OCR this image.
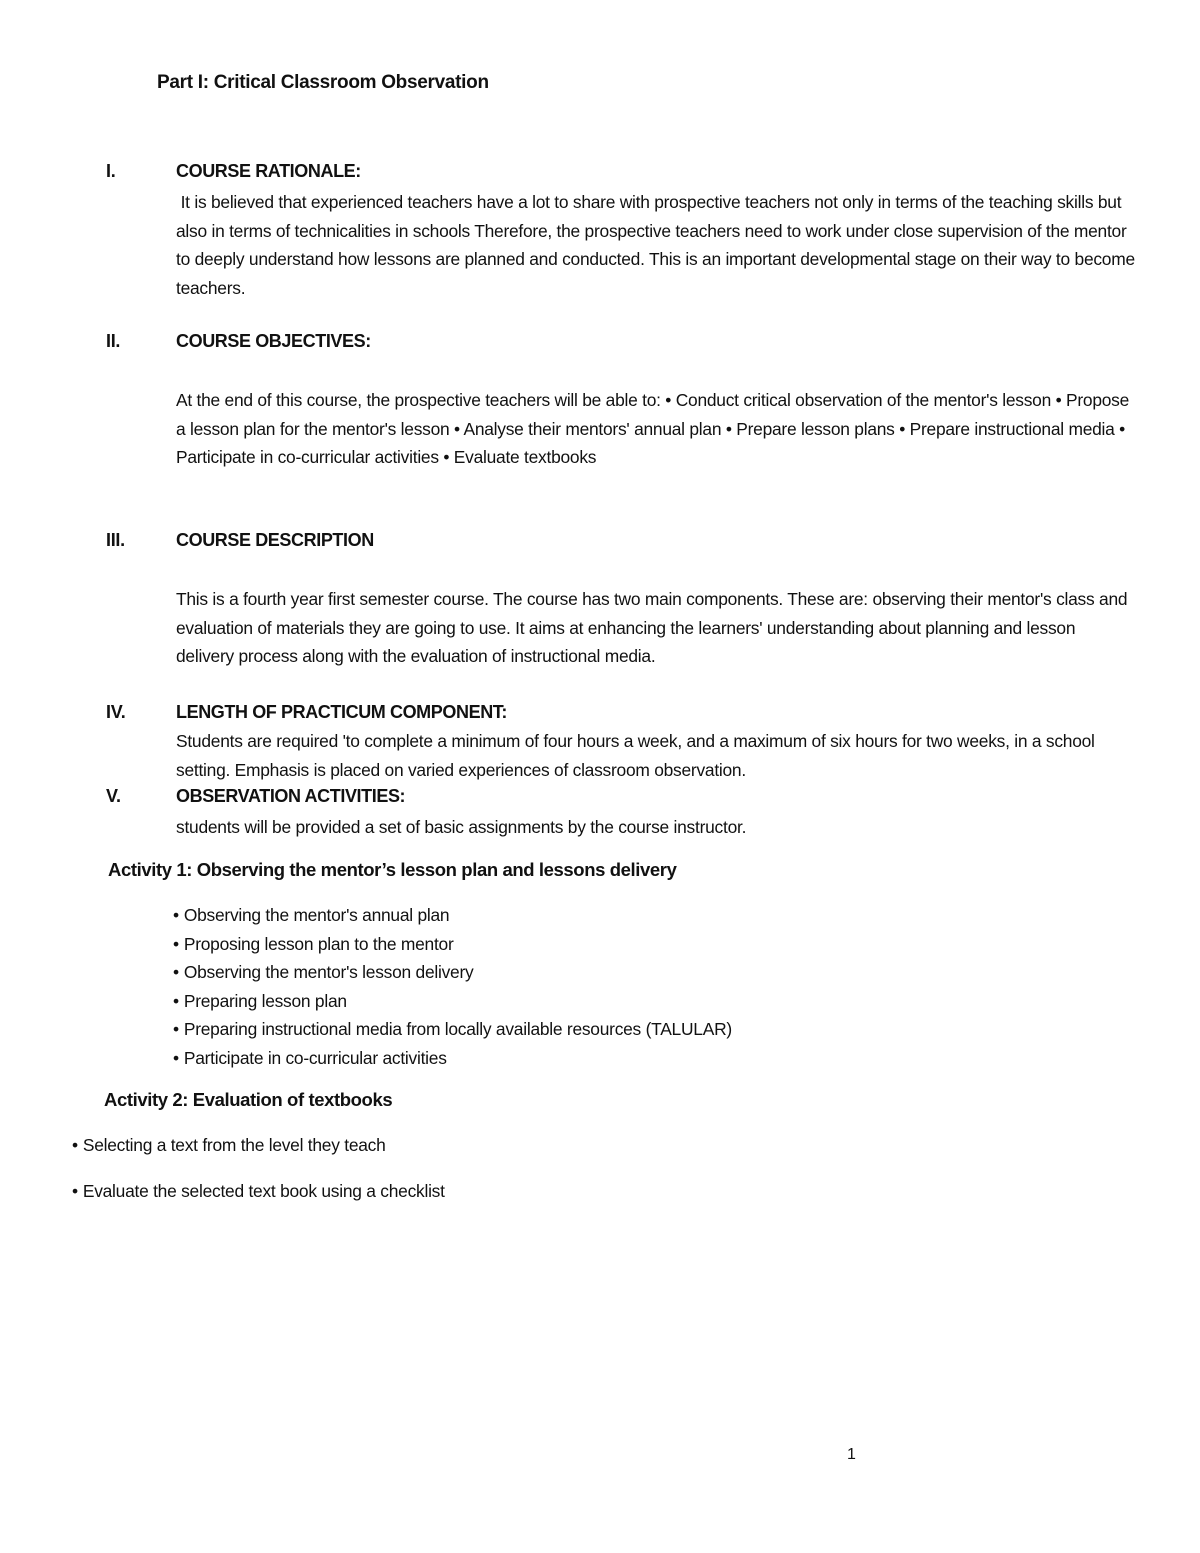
Part I: Critical Classroom Observation
I.	COURSE RATIONALE:
It is believed that experienced teachers have a lot to share with prospective teachers not only in terms of the teaching skills but also in terms of technicalities in schools Therefore, the prospective teachers need to work under close supervision of the mentor to deeply understand how lessons are planned and conducted. This is an important developmental stage on their way to become teachers.
II.	COURSE OBJECTIVES:
At the end of this course, the prospective teachers will be able to: • Conduct critical observation of the mentor's lesson • Propose a lesson plan for the mentor's lesson • Analyse their mentors' annual plan • Prepare lesson plans • Prepare instructional media • Participate in co-curricular activities • Evaluate textbooks
III.	COURSE DESCRIPTION
This is a fourth year first semester course. The course has two main components. These are: observing their mentor's class and evaluation of materials they are going to use. It aims at enhancing the learners' understanding about planning and lesson delivery process along with the evaluation of instructional media.
IV.	LENGTH OF PRACTICUM COMPONENT:
Students are required 'to complete a minimum of four hours a week, and a maximum of six hours for two weeks, in a school setting. Emphasis is placed on varied experiences of classroom observation.
V.	OBSERVATION ACTIVITIES:
students will be provided a set of basic assignments by the course instructor.
Activity 1: Observing the mentor’s lesson plan and lessons delivery
• Observing the mentor's annual plan
• Proposing lesson plan to the mentor
• Observing the mentor's lesson delivery
• Preparing lesson plan
• Preparing instructional media from locally available resources (TALULAR)
• Participate in co-curricular activities
Activity 2: Evaluation of textbooks
• Selecting a text from the level they teach
• Evaluate the selected text book using a checklist
1
